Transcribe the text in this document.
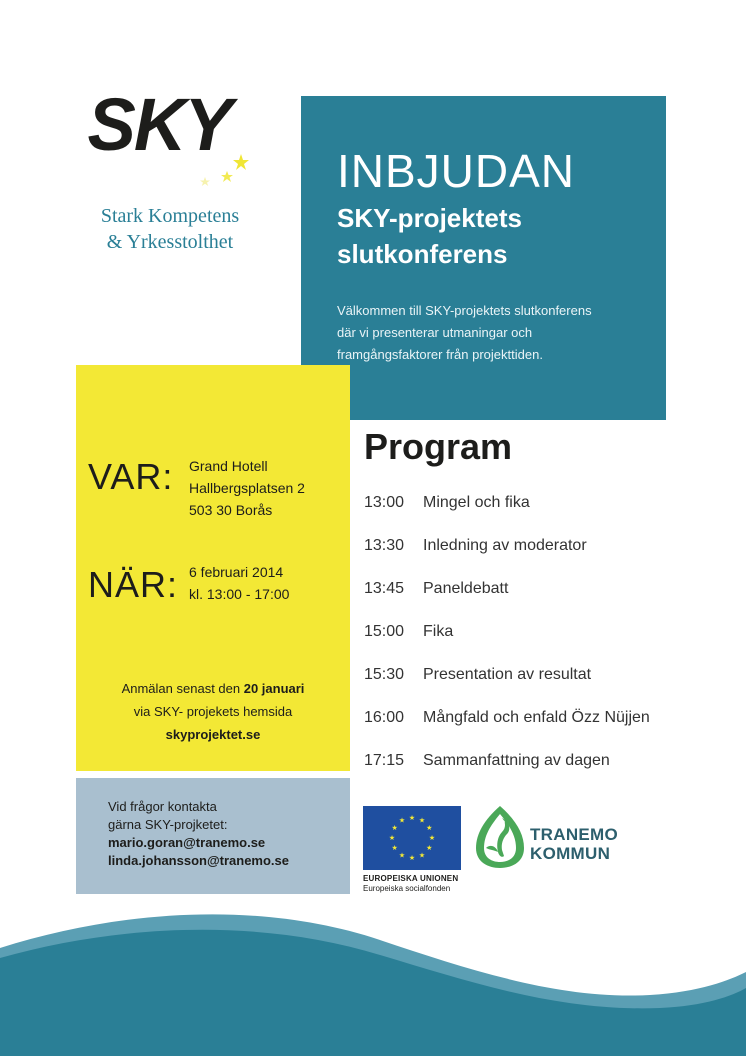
SKY
Stark Kompetens
& Yrkesstolthet
INBJUDAN
SKY-projektets
slutkonferens
Välkommen till SKY-projektets slutkonferens
där vi presenterar utmaningar och
framgångsfaktorer från projekttiden.
VAR: Grand Hotell
Hallbergsplatsen 2
503 30 Borås
NÄR: 6 februari 2014
kl. 13:00 - 17:00
Anmälan senast den 20 januari
via SKY- projekets hemsida
skyprojektet.se
Vid frågor kontakta
gärna SKY-projketet:
mario.goran@tranemo.se
linda.johansson@tranemo.se
Program
13:00	Mingel och fika
13:30	Inledning av moderator
13:45	Paneldebatt
15:00	Fika
15:30	Presentation av resultat
16:00	Mångfald och enfald Özz Nüjjen
17:15	Sammanfattning av dagen
★ ★
★
★
★
★
★
★
★
★
★
★
EUROPEISKA UNIONEN
Europeiska socialfonden
TRANEMO
KOMMUN
